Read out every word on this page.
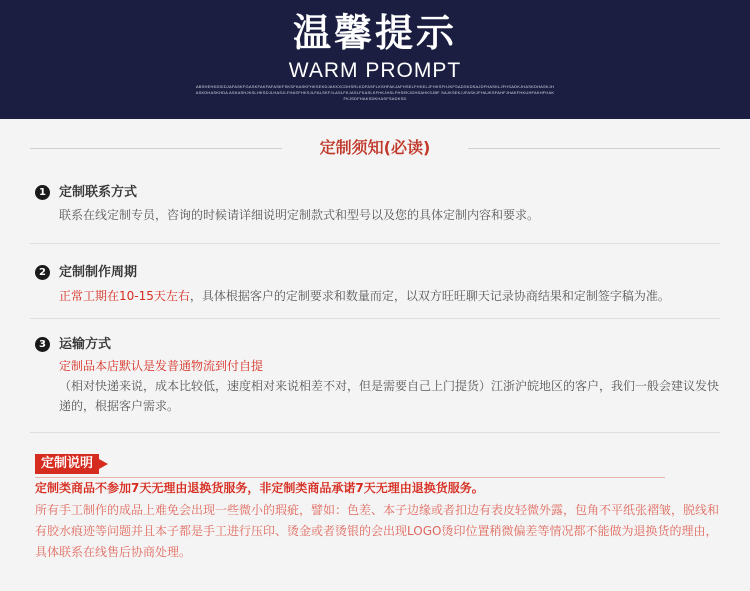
温馨提示
WARM PROMPT
ABSHEHKDSIDJAFASKFGASKFAKFAFASKFSKSFKASKFHKSEKDJAKKXCDHSRLKDFASFLKSHFAKJAFHSELFHKELJFHKSFHJKFSADSKDSAJDFHASKLJFHSADKJHASKDHASKJHASKDHASKHDA ASKASHJKSLHKSDJLHASJLFHASFHKSJLFALSKFJLASLFKJASLFKASLKFHKJHSLFHSEKJDHSAHKSJBF SAJKSEKJJFASKJFHAJKSFAHFJHAKFHKUHFAKHFHAKFKJSDFHAKSDKHASFSADKSD
定制须知(必读)
1	定制联系方式
联系在线定制专员，咨询的时候请详细说明定制款式和型号以及您的具体定制内容和要求。
2	定制制作周期
正常工期在10-15天左右，具体根据客户的定制要求和数量而定，以双方旺旺聊天记录协商结果和定制签字稿为准。
3	运输方式
定制品本店默认是发普通物流到付自提
（相对快递来说，成本比较低，速度相对来说相差不对，但是需要自己上门提货）江浙沪皖地区的客户，我们一般会建议发快递的，根据客户需求。
定制说明
定制类商品不参加7天无理由退换货服务，非定制类商品承诺7天无理由退换货服务。
所有手工制作的成品上难免会出现一些微小的瑕疵，譬如：色差、本子边缘或者扣边有表皮轻微外露，包角不平纸张褶皱，脱线和有胶水痕迹等问题并且本子都是手工进行压印、烫金或者烫银的会出现LOGO烫印位置稍微偏差等情况都不能做为退换货的理由，具体联系在线售后协商处理。
